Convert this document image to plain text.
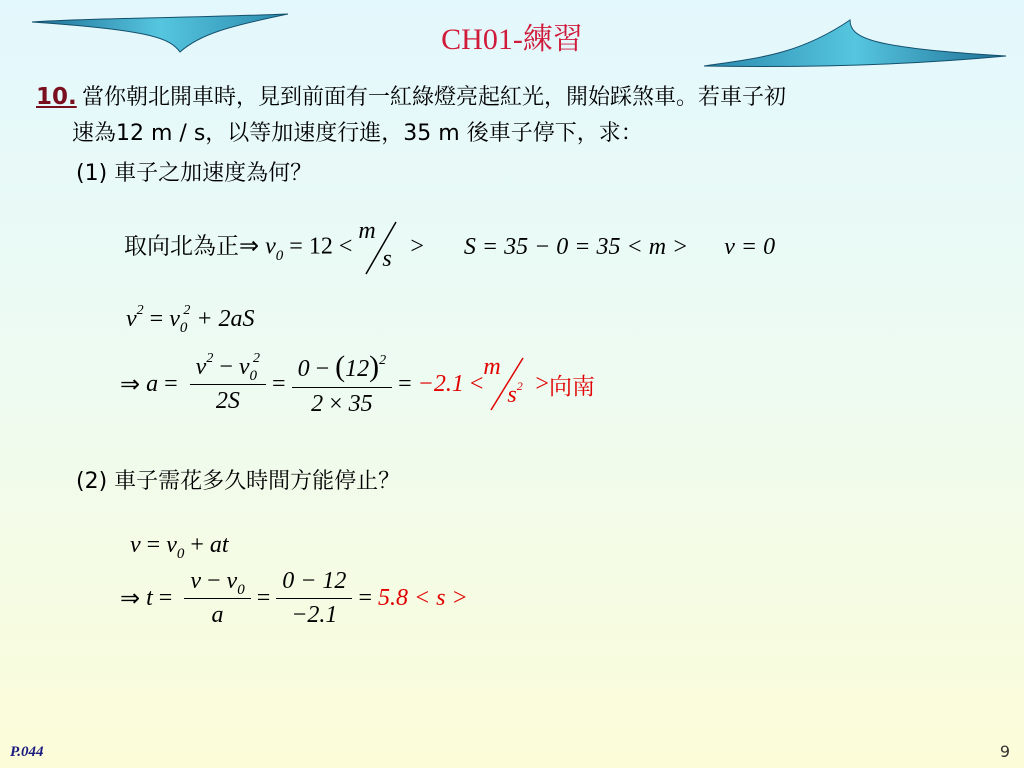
CH01-練習
10. 當你朝北開車時，見到前面有一紅綠燈亮起紅光，開始踩煞車。若車子初
速為12 m / s，以等加速度行進，35 m 後車子停下，求：
(1) 車子之加速度為何？
取向北為正⇒ $v_0 = 12$ <
m
s > S = 35 − 0 = 35 < m > v = 0
$v^2 = v_0^2 + 2aS$
⇒ $a = \frac{v^2 - v_0^2}{2S} = \frac{0 - (12)^2}{2 \times 35} = -2.1$ <
m
$s^2$ > 向南
(2) 車子需花多久時間方能停止？
$v = v_0$ + at
⇒ $t = \frac{v - v_0}{a} = \frac{0 - 12}{-2.1} = 5.8 < s$ >
P.044	9
